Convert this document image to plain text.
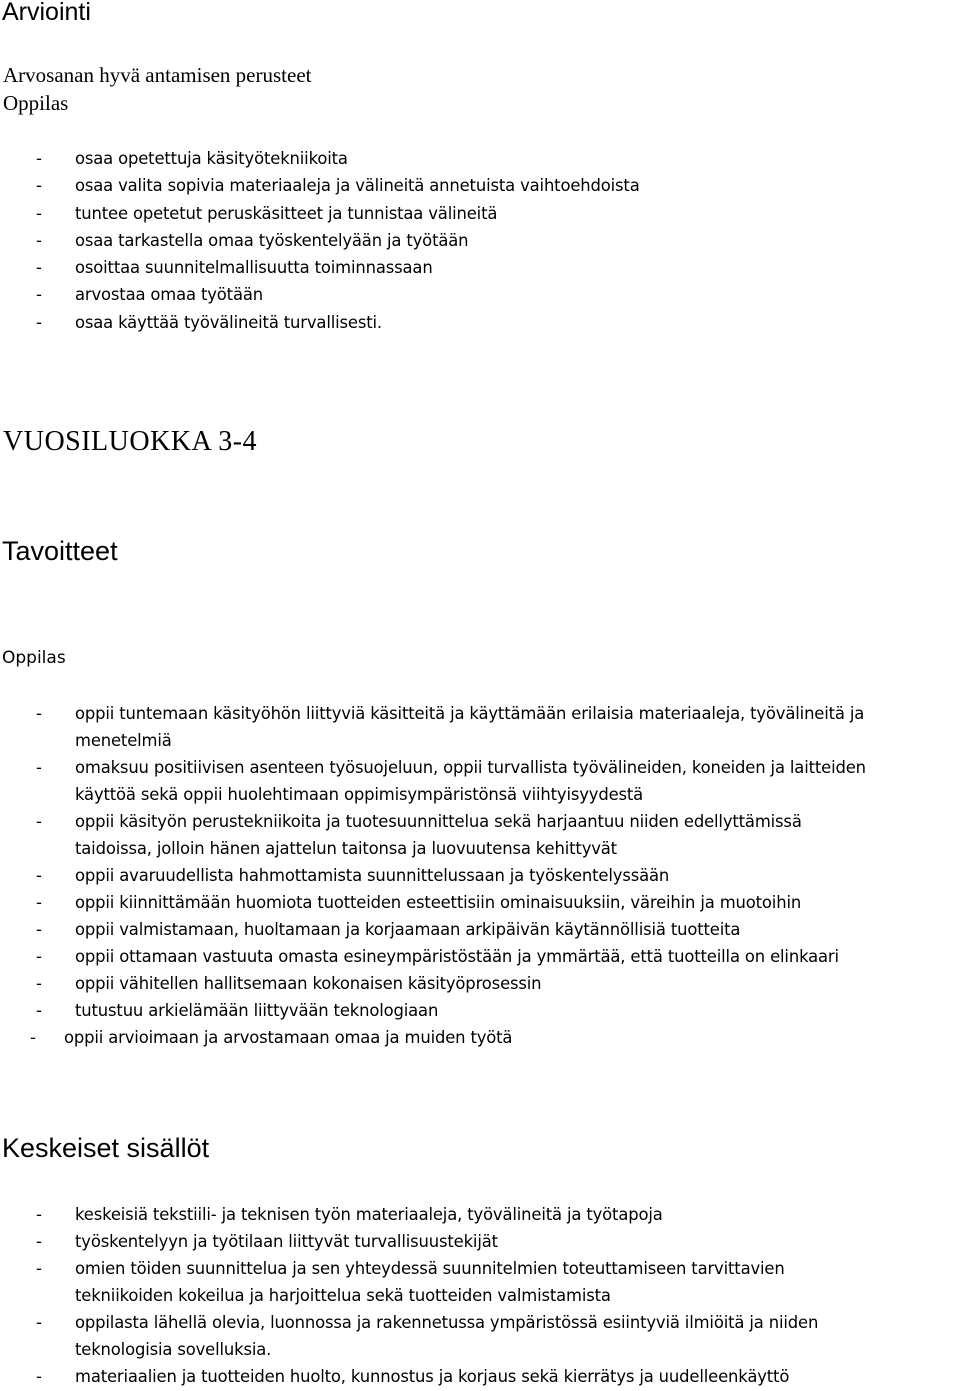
Arviointi

Arvosanan hyvä antamisen perusteet

Oppilas

- osaa opetettuja käsityötekniikoita
- osaa valita sopivia materiaaleja ja välineitä annetuista vaihtoehdoista
- tuntee opetetut peruskäsitteet ja tunnistaa välineitä
- osaa tarkastella omaa työskentelyään ja työtään
- osoittaa suunnitelmallisuutta toiminnassaan
- arvostaa omaa työtään
- osaa käyttää työvälineitä turvallisesti.

VUOSILUOKKA 3-4

Tavoitteet

Oppilas

- oppii tuntemaan käsityöhön liittyviä käsitteitä ja käyttämään erilaisia materiaaleja, työvälineitä ja
menetelmiä
- omaksuu positiivisen asenteen työsuojeluun, oppii turvallista työvälineiden, koneiden ja laitteiden
käyttöä sekä oppii huolehtimaan oppimisympäristönsä viihtyisyydestä
- oppii käsityön perustekniikoita ja tuotesuunnittelua sekä harjaantuu niiden edellyttämissä
taidoissa, jolloin hänen ajattelun taitonsa ja luovuutensa kehittyvät
- oppii avaruudellista hahmottamista suunnittelussaan ja työskentelyssään
- oppii kiinnittämään huomiota tuotteiden esteettisiin ominaisuuksiin, väreihin ja muotoihin
- oppii valmistamaan, huoltamaan ja korjaamaan arkipäivän käytännöllisiä tuotteita
- oppii ottamaan vastuuta omasta esineympäristöstään ja ymmärtää, että tuotteilla on elinkaari
- oppii vähitellen hallitsemaan kokonaisen käsityöprosessin
- tutustuu arkielämään liittyvään teknologiaan
- oppii arvioimaan ja arvostamaan omaa ja muiden työtä
Keskeiset sisällöt
- keskeisiä tekstiili- ja teknisen työn materiaaleja, työvälineitä ja työtapoja
- työskentelyyn ja työtilaan liittyvät turvallisuustekijät
- omien töiden suunnittelua ja sen yhteydessä suunnitelmien toteuttamiseen tarvittavien
tekniikoiden kokeilua ja harjoittelua sekä tuotteiden valmistamista
- oppilasta lähellä olevia, luonnossa ja rakennetussa ympäristössä esiintyviä ilmiöitä ja niiden
teknologisia sovelluksia.
- materiaalien ja tuotteiden huolto, kunnostus ja korjaus sekä kierrätys ja uudelleenkäyttö
